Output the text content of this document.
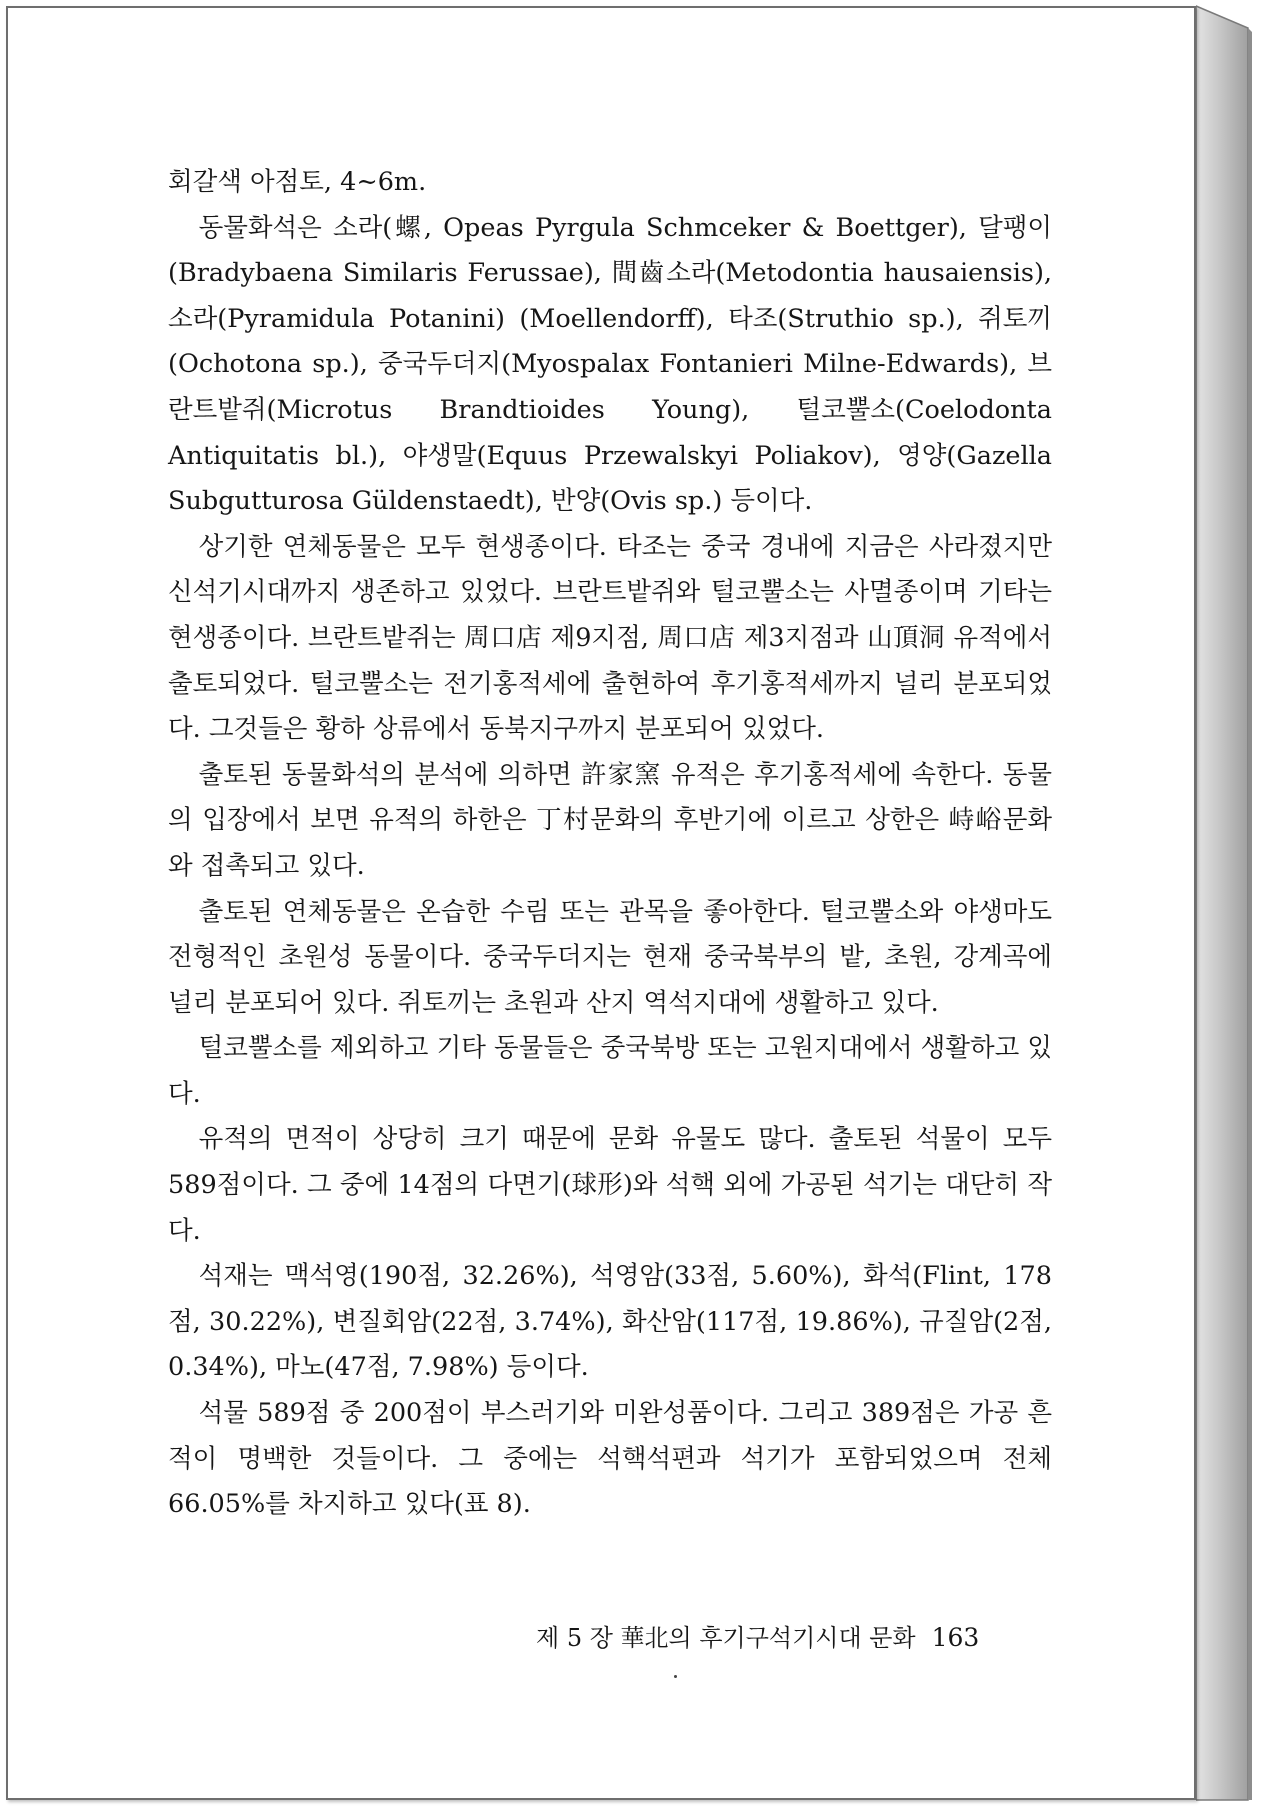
회갈색 아점토, 4∼6m.

동물화석은 소라(螺, Opeas Pyrgula Schmceker & Boettger), 달팽이(Bradybaena Similaris Ferussae), 間齒소라(Metodontia hausaiensis), 소라(Pyramidula Potanini) (Moellendorff), 타조(Struthio sp.), 쥐토끼(Ochotona sp.), 중국두더지(Myospalax Fontanieri Milne-Edwards), 브란트밭쥐(Microtus Brandtioides Young), 털코뿔소(Coelodonta Antiquitatis bl.), 야생말(Equus Przewalskyi Poliakov), 영양(Gazella Subgutturosa Güldenstaedt), 반양(Ovis sp.) 등이다.

상기한 연체동물은 모두 현생종이다. 타조는 중국 경내에 지금은 사라졌지만 신석기시대까지 생존하고 있었다. 브란트밭쥐와 털코뿔소는 사멸종이며 기타는 현생종이다. 브란트밭쥐는 周口店 제9지점, 周口店 제3지점과 山頂洞 유적에서 출토되었다. 털코뿔소는 전기홍적세에 출현하여 후기홍적세까지 널리 분포되었다. 그것들은 황하 상류에서 동북지구까지 분포되어 있었다.

출토된 동물화석의 분석에 의하면 許家窯 유적은 후기홍적세에 속한다. 동물의 입장에서 보면 유적의 하한은 丁村문화의 후반기에 이르고 상한은 峙峪문화와 접촉되고 있다.

출토된 연체동물은 온습한 수림 또는 관목을 좋아한다. 털코뿔소와 야생마도 전형적인 초원성 동물이다. 중국두더지는 현재 중국북부의 밭, 초원, 강계곡에 널리 분포되어 있다. 쥐토끼는 초원과 산지 역석지대에 생활하고 있다.

털코뿔소를 제외하고 기타 동물들은 중국북방 또는 고원지대에서 생활하고 있다.

유적의 면적이 상당히 크기 때문에 문화 유물도 많다. 출토된 석물이 모두 589점이다. 그 중에 14점의 다면기(球形)와 석핵 외에 가공된 석기는 대단히 작다.

석재는 맥석영(190점, 32.26%), 석영암(33점, 5.60%), 화석(Flint, 178점, 30.22%), 변질회암(22점, 3.74%), 화산암(117점, 19.86%), 규질암(2점, 0.34%), 마노(47점, 7.98%) 등이다.

석물 589점 중 200점이 부스러기와 미완성품이다. 그리고 389점은 가공 흔적이 명백한 것들이다. 그 중에는 석핵석편과 석기가 포함되었으며 전체 66.05%를 차지하고 있다(표 8).

제 5 장 華北의 후기구석기시대 문화 163
